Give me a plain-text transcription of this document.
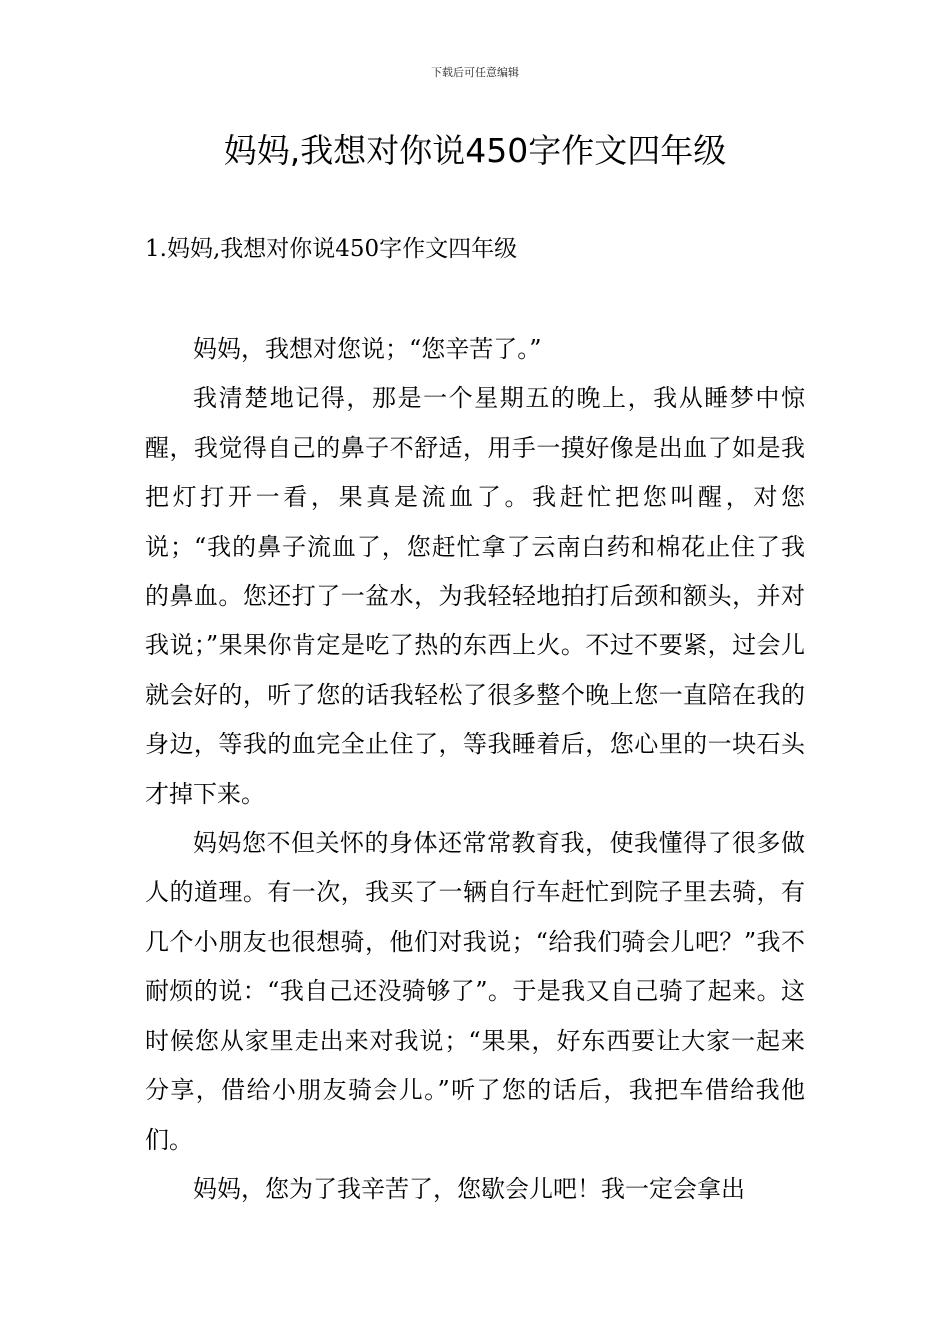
下载后可任意编辑
妈妈,我想对你说450字作文四年级
1.妈妈,我想对你说450字作文四年级

妈妈，我想对您说；“您辛苦了。”

我清楚地记得，那是一个星期五的晚上，我从睡梦中惊醒，我觉得自己的鼻子不舒适，用手一摸好像是出血了如是我把灯打开一看，果真是流血了。我赶忙把您叫醒，对您说；“我的鼻子流血了，您赶忙拿了云南白药和棉花止住了我的鼻血。您还打了一盆水，为我轻轻地拍打后颈和额头，并对我说；”果果你肯定是吃了热的东西上火。不过不要紧，过会儿就会好的，听了您的话我轻松了很多整个晚上您一直陪在我的身边，等我的血完全止住了，等我睡着后，您心里的一块石头才掉下来。

妈妈您不但关怀的身体还常常教育我，使我懂得了很多做人的道理。有一次，我买了一辆自行车赶忙到院子里去骑，有几个小朋友也很想骑，他们对我说；“给我们骑会儿吧？”我不耐烦的说：“我自己还没骑够了”。于是我又自己骑了起来。这时候您从家里走出来对我说；“果果，好东西要让大家一起来分享，借给小朋友骑会儿。”听了您的话后，我把车借给我他们。

妈妈，您为了我辛苦了，您歇会儿吧！我一定会拿出
